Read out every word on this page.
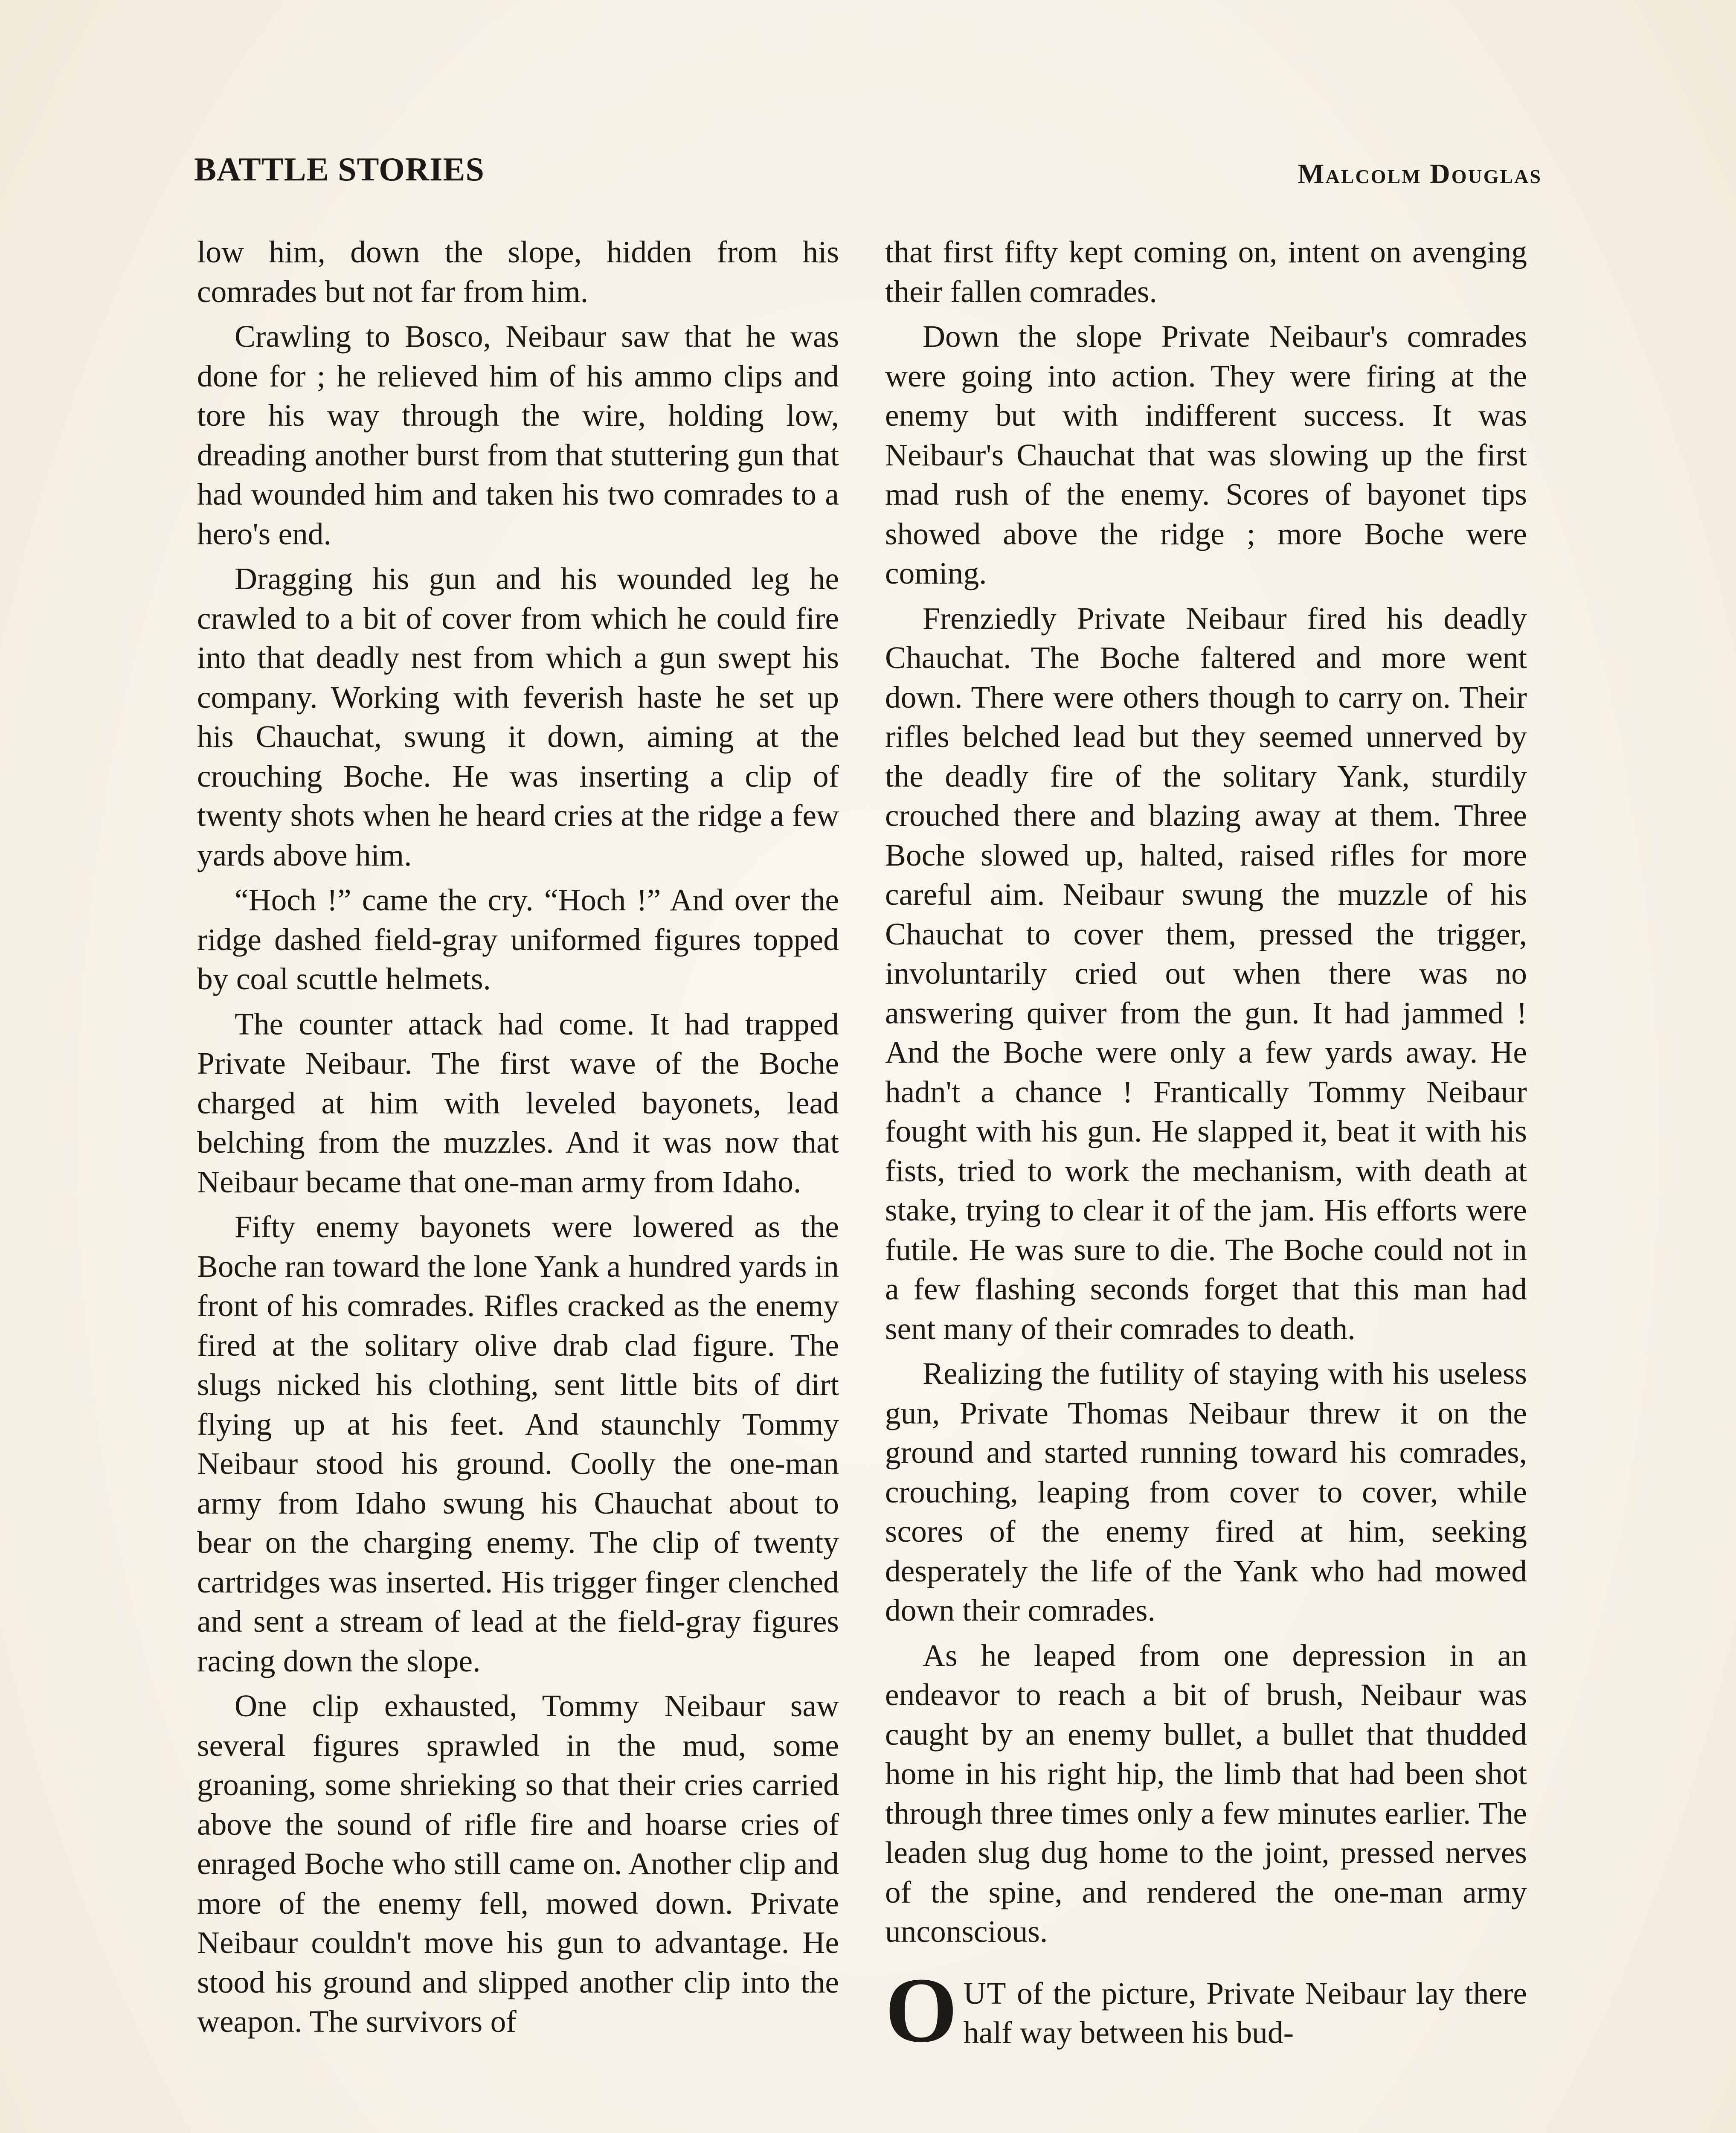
BATTLE STORIES	Malcolm Douglas

low him, down the slope, hidden from his comrades but not far from him.

Crawling to Bosco, Neibaur saw that he was done for ; he relieved him of his ammo clips and tore his way through the wire, holding low, dreading another burst from that stuttering gun that had wounded him and taken his two comrades to a hero's end.

Dragging his gun and his wounded leg he crawled to a bit of cover from which he could fire into that deadly nest from which a gun swept his company. Working with feverish haste he set up his Chauchat, swung it down, aiming at the crouching Boche. He was inserting a clip of twenty shots when he heard cries at the ridge a few yards above him.

“Hoch !” came the cry. “Hoch !” And over the ridge dashed field-gray uniformed figures topped by coal scuttle helmets.

The counter attack had come. It had trapped Private Neibaur. The first wave of the Boche charged at him with leveled bayonets, lead belching from the muzzles. And it was now that Neibaur became that one-man army from Idaho.

Fifty enemy bayonets were lowered as the Boche ran toward the lone Yank a hundred yards in front of his comrades. Rifles cracked as the enemy fired at the solitary olive drab clad figure. The slugs nicked his clothing, sent little bits of dirt flying up at his feet. And staunchly Tommy Neibaur stood his ground. Coolly the one-man army from Idaho swung his Chauchat about to bear on the charging enemy. The clip of twenty cartridges was inserted. His trigger finger clenched and sent a stream of lead at the field-gray figures racing down the slope.

One clip exhausted, Tommy Neibaur saw several figures sprawled in the mud, some groaning, some shrieking so that their cries carried above the sound of rifle fire and hoarse cries of enraged Boche who still came on. Another clip and more of the enemy fell, mowed down. Private Neibaur couldn't move his gun to advantage. He stood his ground and slipped another clip into the weapon. The survivors of

that first fifty kept coming on, intent on avenging their fallen comrades.

Down the slope Private Neibaur's comrades were going into action. They were firing at the enemy but with indifferent success. It was Neibaur's Chauchat that was slowing up the first mad rush of the enemy. Scores of bayonet tips showed above the ridge ; more Boche were coming.

Frenziedly Private Neibaur fired his deadly Chauchat. The Boche faltered and more went down. There were others though to carry on. Their rifles belched lead but they seemed unnerved by the deadly fire of the solitary Yank, sturdily crouched there and blazing away at them. Three Boche slowed up, halted, raised rifles for more careful aim. Neibaur swung the muzzle of his Chauchat to cover them, pressed the trigger, involuntarily cried out when there was no answering quiver from the gun. It had jammed ! And the Boche were only a few yards away. He hadn't a chance ! Frantically Tommy Neibaur fought with his gun. He slapped it, beat it with his fists, tried to work the mechanism, with death at stake, trying to clear it of the jam. His efforts were futile. He was sure to die. The Boche could not in a few flashing seconds forget that this man had sent many of their comrades to death.

Realizing the futility of staying with his useless gun, Private Thomas Neibaur threw it on the ground and started running toward his comrades, crouching, leaping from cover to cover, while scores of the enemy fired at him, seeking desperately the life of the Yank who had mowed down their comrades.

As he leaped from one depression in an endeavor to reach a bit of brush, Neibaur was caught by an enemy bullet, a bullet that thudded home in his right hip, the limb that had been shot through three times only a few minutes earlier. The leaden slug dug home to the joint, pressed nerves of the spine, and rendered the one-man army unconscious.

OUT of the picture, Private Neibaur lay there half way between his bud-
